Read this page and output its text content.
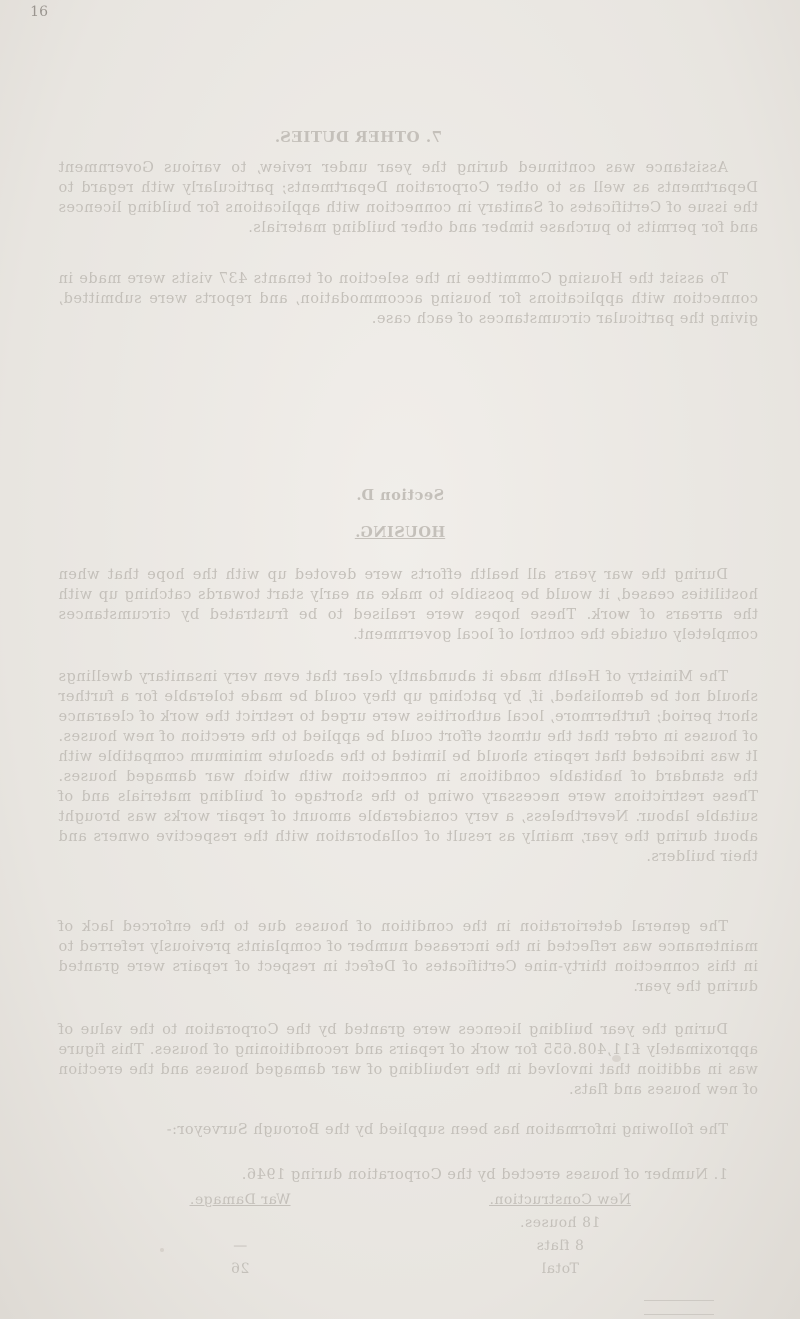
16
7. OTHER DUTIES.

Assistance was continued during the year under review, to various Government Departments as well as to other Corporation Departments; particularly with regard to the issue of Certificates of Sanitary in connection with applications for building licences and for permits to purchase timber and other building materials.

To assist the Housing Committee in the selection of tenants 437 visits were made in connection with applications for housing accommodation, and reports were submitted, giving the particular circumstances of each case.

Section D.
HOUSING.

During the war years all health efforts were devoted up with the hope that when hostilities ceased, it would be possible to make an early start towards catching up with the arrears of work. These hopes were realised to be frustrated by circumstances completely outside the control of local government.

The Ministry of Health made it abundantly clear that even very insanitary dwellings should not be demolished, if, by patching up they could be made tolerable for a further short period; furthermore, local authorities were urged to restrict the work of clearance of houses in order that the utmost effort could be applied to the erection of new houses. It was indicated that repairs should be limited to the absolute minimum compatible with the standard of habitable conditions in connection with which war damaged houses. These restrictions were necessary owing to the shortage of building materials and of suitable labour. Nevertheless, a very considerable amount of repair works was brought about during the year, mainly as result of collaboration with the respective owners and their builders.

The general deterioration in the condition of houses due to the enforced lack of maintenance was reflected in the increased number of complaints previously referred to in this connection thirty-nine Certificates of Defect in respect of repairs were granted during the year.

During the year building licences were granted by the Corporation to the value of approximately £11,408.655 for work of repairs and reconditioning of houses. This figure was in addition that involved in the rebuilding of war damaged houses and the erection of new houses and flats.

The following information has been supplied by the Borough Surveyor:-

1. Number of houses erected by the Corporation during 1946.

New Construction.
War Damage.
18 houses.
8 flats
—
Total
26
